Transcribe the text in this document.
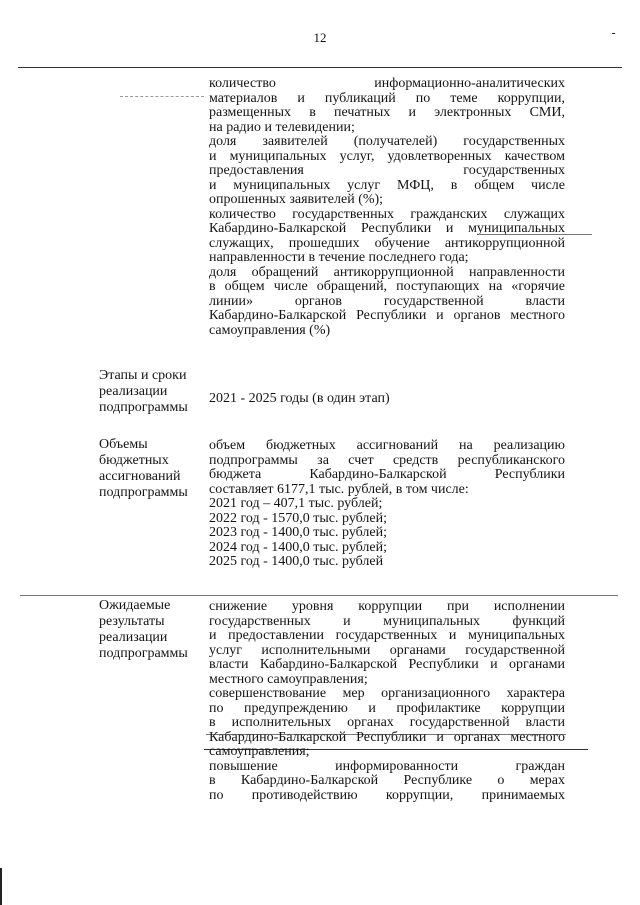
12
количество информационно-аналитических
материалов и публикаций по теме коррупции,
размещенных в печатных и электронных СМИ,
на радио и телевидении;
доля заявителей (получателей) государственных
и муниципальных услуг, удовлетворенных качеством
предоставления государственных
и муниципальных услуг МФЦ, в общем числе
опрошенных заявителей (%);
количество государственных гражданских служащих
Кабардино-Балкарской Республики и муниципальных
служащих, прошедших обучение антикоррупционной
направленности в течение последнего года;
доля обращений антикоррупционной направленности
в общем числе обращений, поступающих на «горячие
линии» органов государственной власти
Кабардино-Балкарской Республики и органов местного
самоуправления (%)
Этапы и сроки
реализации
подпрограммы
2021 - 2025 годы (в один этап)
Объемы
бюджетных
ассигнований
подпрограммы
объем бюджетных ассигнований на реализацию
подпрограммы за счет средств республиканского
бюджета Кабардино-Балкарской Республики
составляет 6177,1 тыс. рублей, в том числе:
2021 год – 407,1 тыс. рублей;
2022 год - 1570,0 тыс. рублей;
2023 год - 1400,0 тыс. рублей;
2024 год - 1400,0 тыс. рублей;
2025 год - 1400,0 тыс. рублей
Ожидаемые
результаты
реализации
подпрограммы
снижение уровня коррупции при исполнении
государственных и муниципальных функций
и предоставлении государственных и муниципальных
услуг исполнительными органами государственной
власти Кабардино-Балкарской Республики и органами
местного самоуправления;
совершенствование мер организационного характера
по предупреждению и профилактике коррупции
в исполнительных органах государственной власти
Кабардино-Балкарской Республики и органах местного
самоуправления;
повышение информированности граждан
в Кабардино-Балкарской Республике о мерах
по противодействию коррупции, принимаемых
